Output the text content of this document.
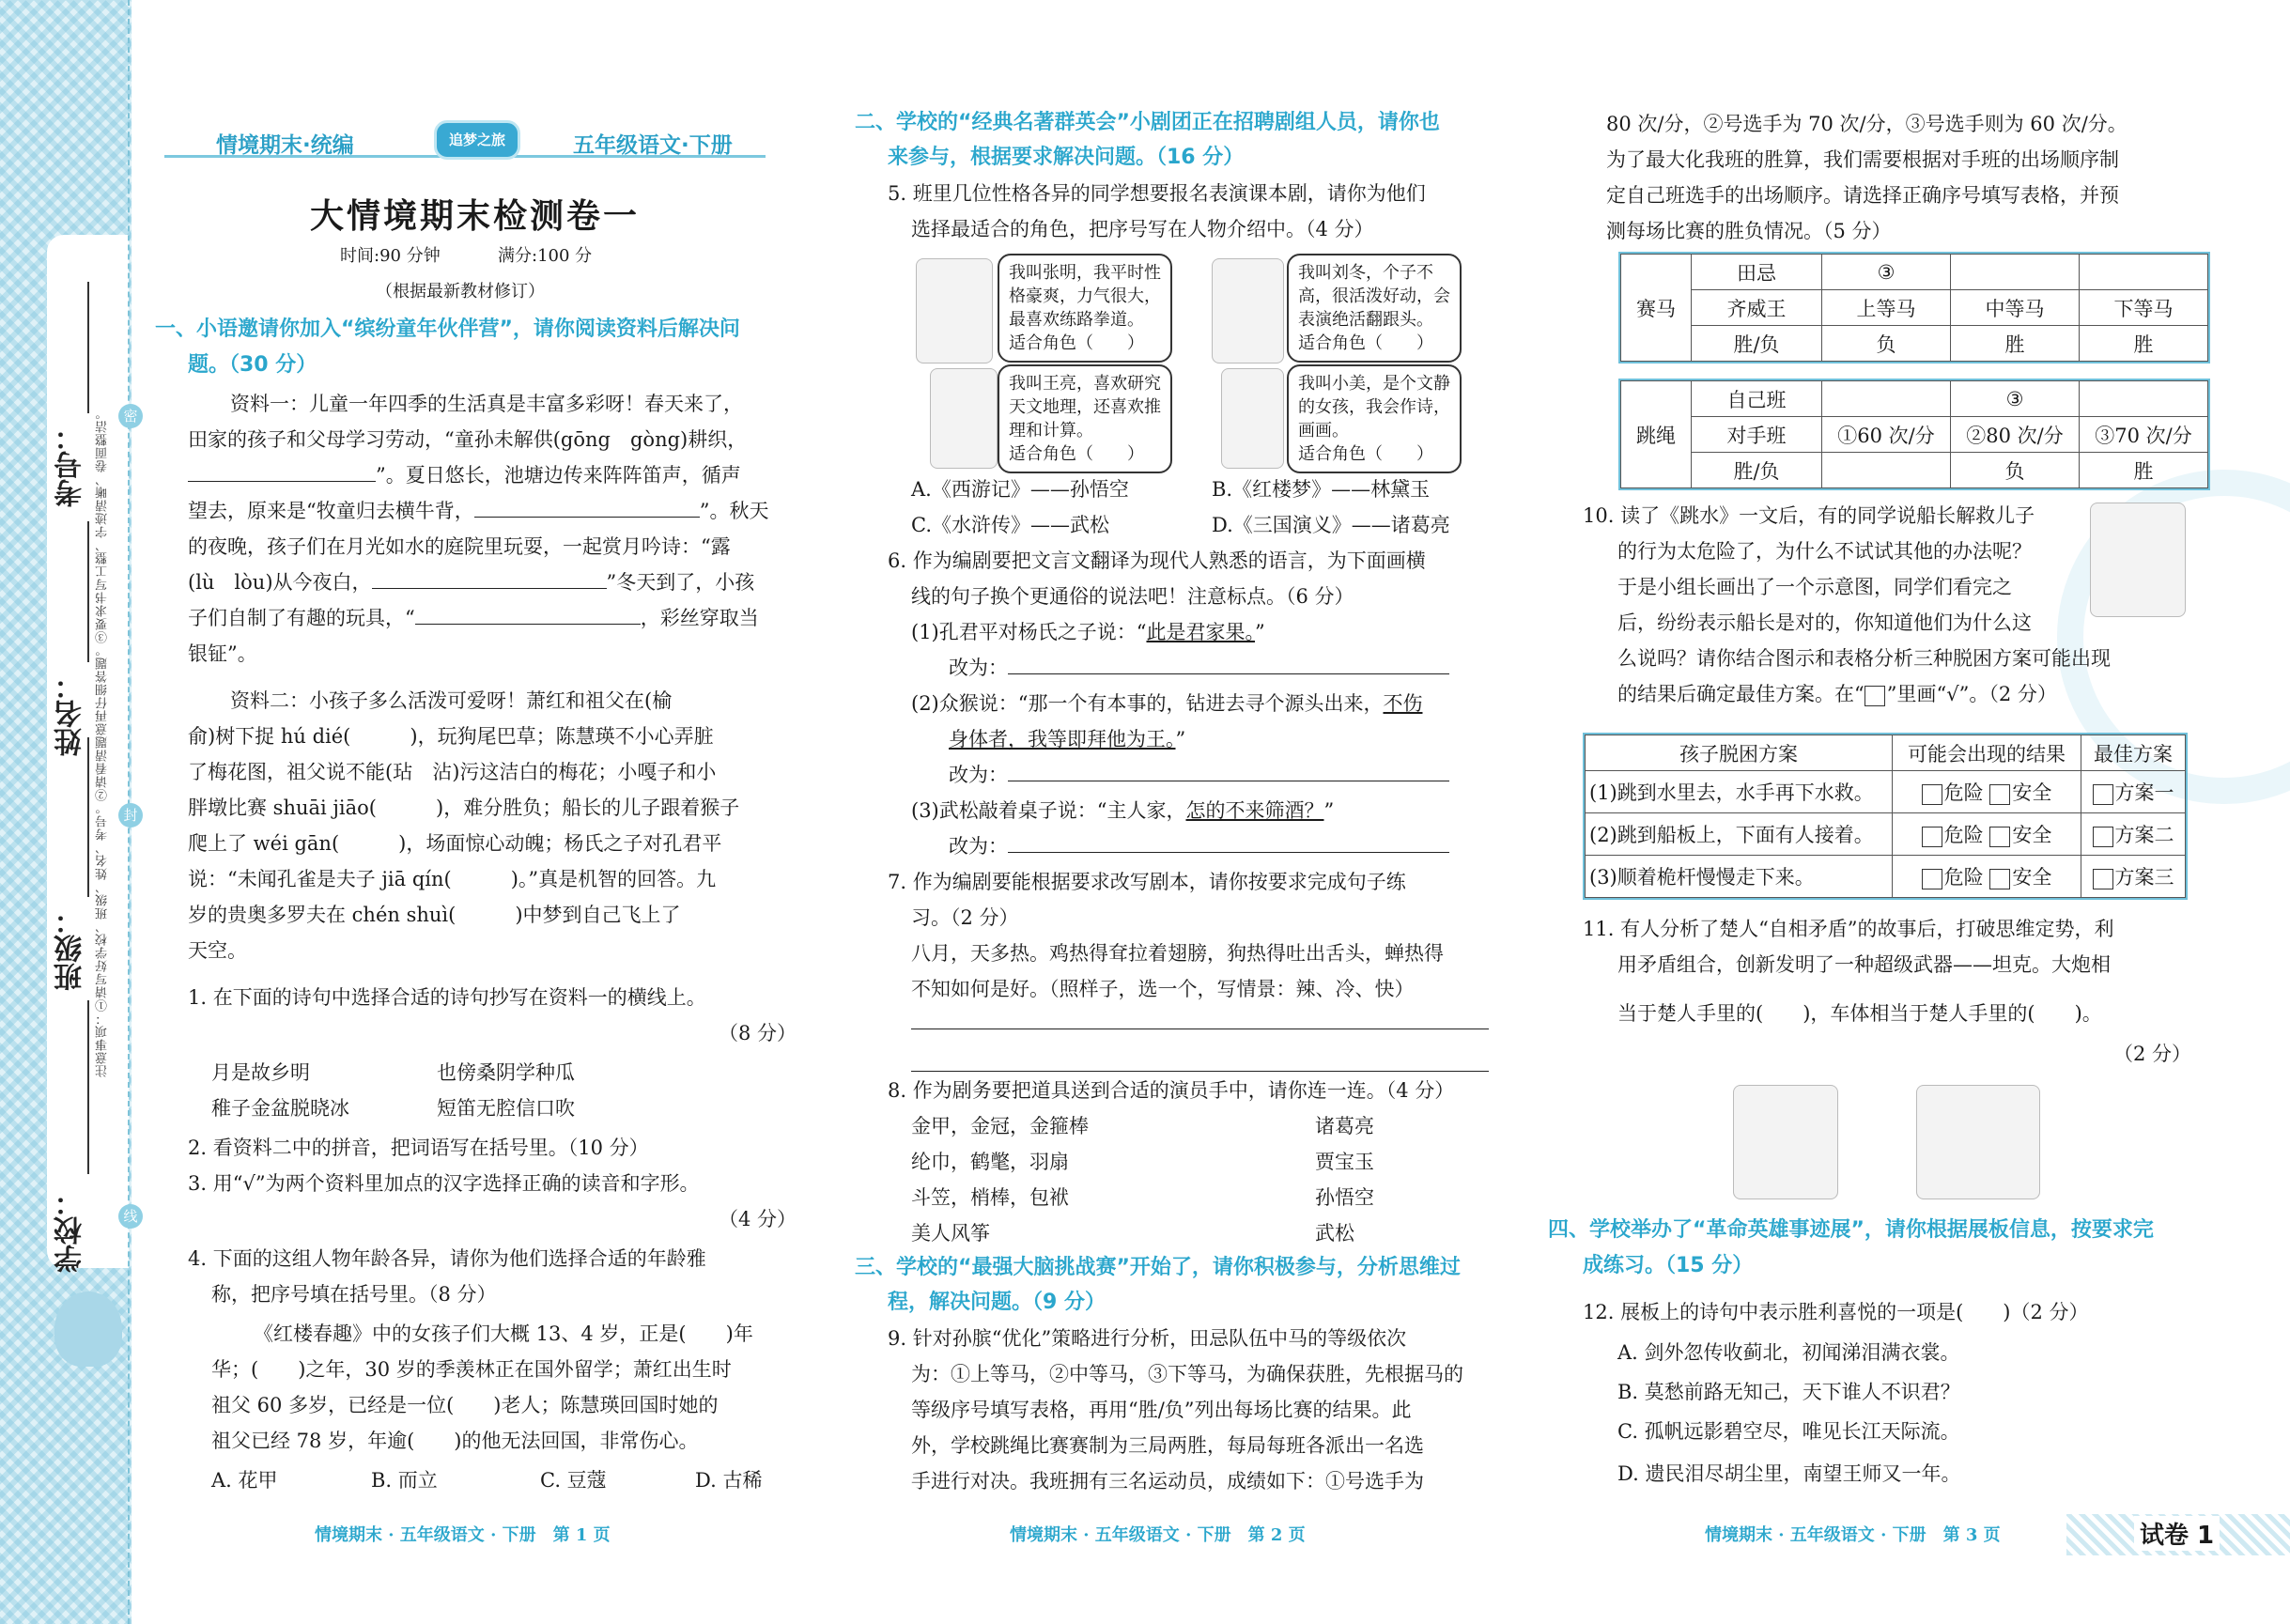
密
封
线
学校：
班级：
姓名：
考号： 注意事项：①请写好学校、班级、姓名、考号。②请看清题意再仔细答题。③要求书写工整、字迹清晰、卷面整洁。
情境期末·统编	追梦之旅	五年级语文·下册
大情境期末检测卷一
时间:90 分钟	满分:100 分
（根据最新教材修订）
一、小语邀请你加入“缤纷童年伙伴营”，请你阅读资料后解决问
题。（30 分）
资料一：儿童一年四季的生活真是丰富多彩呀！春天来了，
田家的孩子和父母学习劳动，“童孙未解供(gōng　gòng)耕织，
”。夏日悠长，池塘边传来阵阵笛声，循声
望去，原来是“牧童归去横牛背，	”。秋天
的夜晚，孩子们在月光如水的庭院里玩耍，一起赏月吟诗：“露
(lù　lòu)从今夜白，	”冬天到了，小孩
子们自制了有趣的玩具，“	，彩丝穿取当
银钲”。
资料二：小孩子多么活泼可爱呀！萧红和祖父在(榆
俞)树下捉 hú dié(　　　)，玩狗尾巴草；陈慧瑛不小心弄脏
了梅花图，祖父说不能(玷　沾)污这洁白的梅花；小嘎子和小
胖墩比赛 shuāi jiāo(　　　)，难分胜负；船长的儿子跟着猴子
爬上了 wéi gān(　　　)，场面惊心动魄；杨氏之子对孔君平
说：“未闻孔雀是夫子 jiā qín(　　　)。”真是机智的回答。九
岁的贵奥多罗夫在 chén shuì(　　　)中梦到自己飞上了
天空。
1. 在下面的诗句中选择合适的诗句抄写在资料一的横线上。
（8 分）
月是故乡明	也傍桑阴学种瓜
稚子金盆脱晓冰	短笛无腔信口吹
2. 看资料二中的拼音，把词语写在括号里。（10 分）
3. 用“√”为两个资料里加点的汉字选择正确的读音和字形。
（4 分）
4. 下面的这组人物年龄各异，请你为他们选择合适的年龄雅
称，把序号填在括号里。（8 分）
《红楼春趣》中的女孩子们大概 13、4 岁，正是(　　)年
华；(　　)之年，30 岁的季羡林正在国外留学；萧红出生时
祖父 60 多岁，已经是一位(　　)老人；陈慧瑛回国时她的
祖父已经 78 岁，年逾(　　)的他无法回国，非常伤心。
A. 花甲	B. 而立	C. 豆蔻	D. 古稀
情境期末 · 五年级语文 · 下册　第 1 页
二、学校的“经典名著群英会”小剧团正在招聘剧组人员，请你也
来参与，根据要求解决问题。（16 分）
5. 班里几位性格各异的同学想要报名表演课本剧，请你为他们
选择最适合的角色，把序号写在人物介绍中。（4 分）
我叫张明，我平时性
格豪爽，力气很大，
最喜欢练路拳道。
适合角色（　　）
我叫刘冬，个子不
高，很活泼好动，会
表演绝活翻跟头。
适合角色（　　）
我叫王亮，喜欢研究
天文地理，还喜欢推
理和计算。
适合角色（　　）
我叫小美，是个文静
的女孩，我会作诗，
画画。
适合角色（　　）
A.《西游记》——孙悟空	B.《红楼梦》——林黛玉
C.《水浒传》——武松	D.《三国演义》——诸葛亮
6. 作为编剧要把文言文翻译为现代人熟悉的语言，为下面画横
线的句子换个更通俗的说法吧！注意标点。（6 分）
(1)孔君平对杨氏之子说：“此是君家果。”
改为：
(2)众猴说：“那一个有本事的，钻进去寻个源头出来，不伤
身体者，我等即拜他为王。”
改为：
(3)武松敲着桌子说：“主人家，怎的不来筛酒？”
改为：
7. 作为编剧要能根据要求改写剧本，请你按要求完成句子练
习。（2 分）
八月，天多热。鸡热得耷拉着翅膀，狗热得吐出舌头，蝉热得
不知如何是好。（照样子，选一个，写情景：辣、冷、快）
8. 作为剧务要把道具送到合适的演员手中，请你连一连。（4 分）
金甲，金冠，金箍棒
纶巾，鹤氅，羽扇
斗笠，梢棒，包袱
美人风筝
诸葛亮
贾宝玉
孙悟空
武松
三、学校的“最强大脑挑战赛”开始了，请你积极参与，分析思维过
程，解决问题。（9 分）
9. 针对孙膑“优化”策略进行分析，田忌队伍中马的等级依次
为：①上等马，②中等马，③下等马，为确保获胜，先根据马的
等级序号填写表格，再用“胜/负”列出每场比赛的结果。此
外，学校跳绳比赛赛制为三局两胜，每局每班各派出一名选
手进行对决。我班拥有三名运动员，成绩如下：①号选手为
情境期末 · 五年级语文 · 下册　第 2 页
80 次/分，②号选手为 70 次/分，③号选手则为 60 次/分。
为了最大化我班的胜算，我们需要根据对手班的出场顺序制
定自己班选手的出场顺序。请选择正确序号填写表格，并预
测每场比赛的胜负情况。（5 分）
赛马	田忌	③		
	齐威王	上等马	中等马	下等马
	胜/负	负	胜	胜
跳绳	自己班		③	
	对手班	①60 次/分	②80 次/分	③70 次/分
	胜/负		负	胜
10. 读了《跳水》一文后，有的同学说船长解救儿子
的行为太危险了，为什么不试试其他的办法呢？
于是小组长画出了一个示意图，同学们看完之
后，纷纷表示船长是对的，你知道他们为什么这
么说吗？请你结合图示和表格分析三种脱困方案可能出现
的结果后确定最佳方案。在“ ”里画“√”。（2 分）
孩子脱困方案	可能会出现的结果	最佳方案
(1)跳到水里去，水手再下水救。	危险 安全	方案一
(2)跳到船板上，下面有人接着。	危险 安全	方案二
(3)顺着桅杆慢慢走下来。	危险 安全	方案三
11. 有人分析了楚人“自相矛盾”的故事后，打破思维定势，利
用矛盾组合，创新发明了一种超级武器——坦克。大炮相
当于楚人手里的(　　)，车体相当于楚人手里的(　　)。
（2 分）
四、学校举办了“革命英雄事迹展”，请你根据展板信息，按要求完
成练习。（15 分）
12. 展板上的诗句中表示胜利喜悦的一项是(　　)（2 分）
A. 剑外忽传收蓟北，初闻涕泪满衣裳。
B. 莫愁前路无知己，天下谁人不识君？
C. 孤帆远影碧空尽，唯见长江天际流。
D. 遗民泪尽胡尘里，南望王师又一年。
情境期末 · 五年级语文 · 下册　第 3 页	试卷 1
